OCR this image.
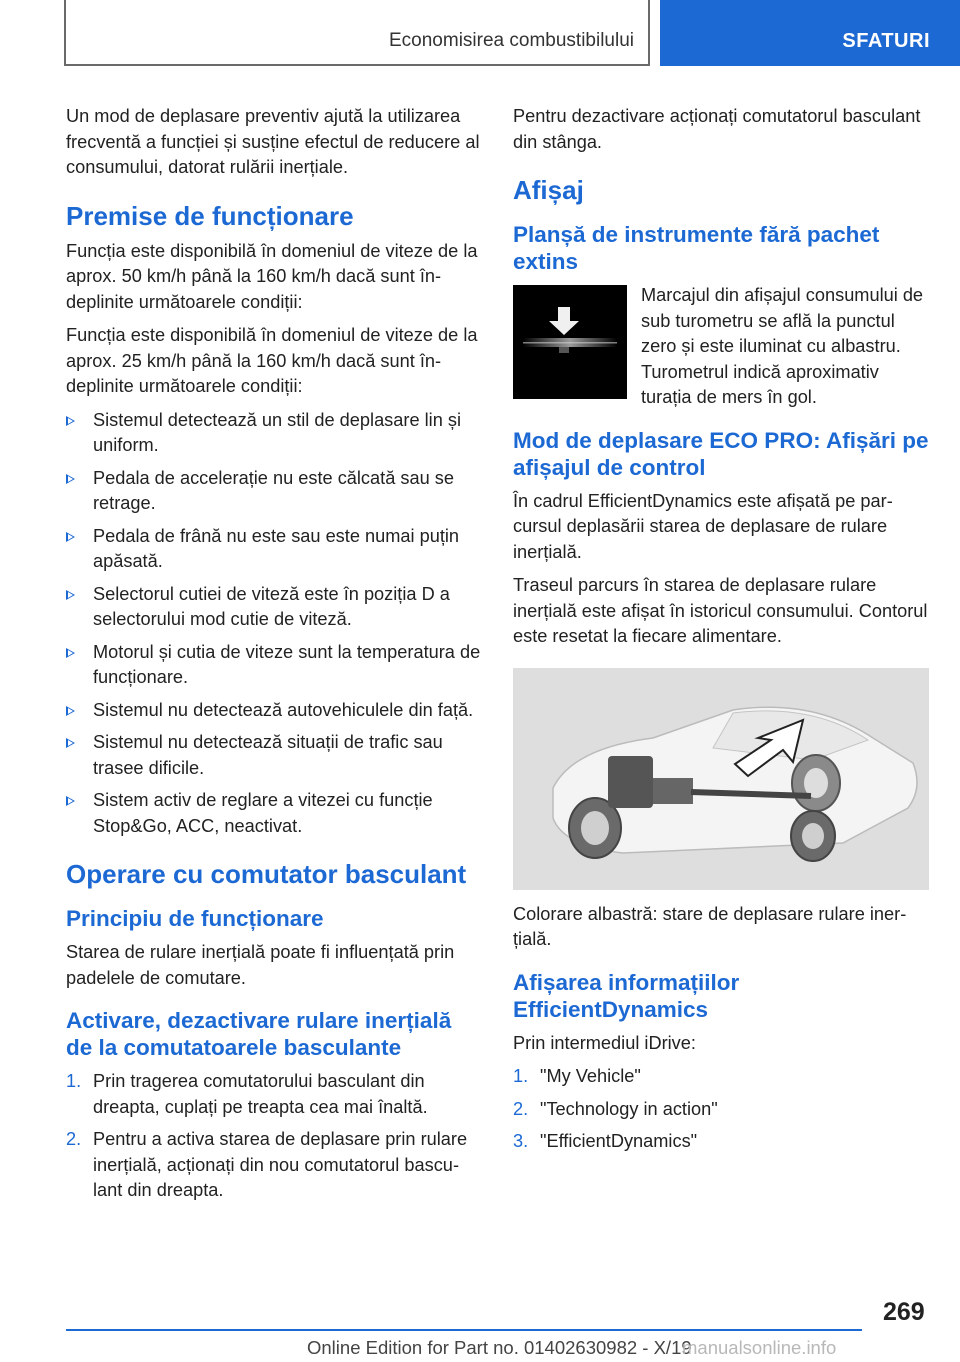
Economisirea combustibilului	SFATURI

Un mod de deplasare preventiv ajută la utilizarea frecventă a funcției și susține efectul de reducere al consumului, datorat rulării inerțiale.

Premise de funcționare

Funcția este disponibilă în domeniul de viteze de la aprox. 50 km/h până la 160 km/h dacă sunt îndeplinite următoarele condiții:

Funcția este disponibilă în domeniul de viteze de la aprox. 25 km/h până la 160 km/h dacă sunt îndeplinite următoarele condiții:

Sistemul detectează un stil de deplasare lin și uniform.
Pedala de accelerație nu este călcată sau se retrage.
Pedala de frână nu este sau este numai puțin apăsată.
Selectorul cutiei de viteză este în poziția D a selectorului mod cutie de viteză.
Motorul și cutia de viteze sunt la temperatura de funcționare.
Sistemul nu detectează autovehiculele din față.
Sistemul nu detectează situații de trafic sau trasee dificile.
Sistem activ de reglare a vitezei cu funcție Stop&Go, ACC, neactivat.
Operare cu comutator basculant
Principiu de funcționare

Starea de rulare inerțială poate fi influențată prin padelele de comutare.

Activare, dezactivare rulare inerțială de la comutatoarele basculante
1. Prin tragerea comutatorului basculant din dreapta, cuplați pe treapta cea mai înaltă.
2. Pentru a activa starea de deplasare prin rulare inerțială, acționați din nou comutatorul basculant din dreapta.

Pentru dezactivare acționați comutatorul basculant din stânga.

Afișaj
Planșă de instrumente fără pachet extins

Marcajul din afișajul consumului de sub turometru se află la punctul zero și este iluminat cu albastru. Turometrul indică aproximativ turația de mers în gol.

Mod de deplasare ECO PRO: Afișări pe afișajul de control

În cadrul EfficientDynamics este afișată pe parcursul deplasării starea de deplasare de rulare inerțială.

Traseul parcurs în starea de deplasare rulare inerțială este afișat în istoricul consumului. Contorul este resetat la fiecare alimentare.

Colorare albastră: stare de deplasare rulare inerțială.

Afișarea informațiilor EfficientDynamics

Prin intermediul iDrive:

1. "My Vehicle"
2. "Technology in action"
3. "EfficientDynamics"
269
Online Edition for Part no. 01402630982 - X/19
manualsonline.info
